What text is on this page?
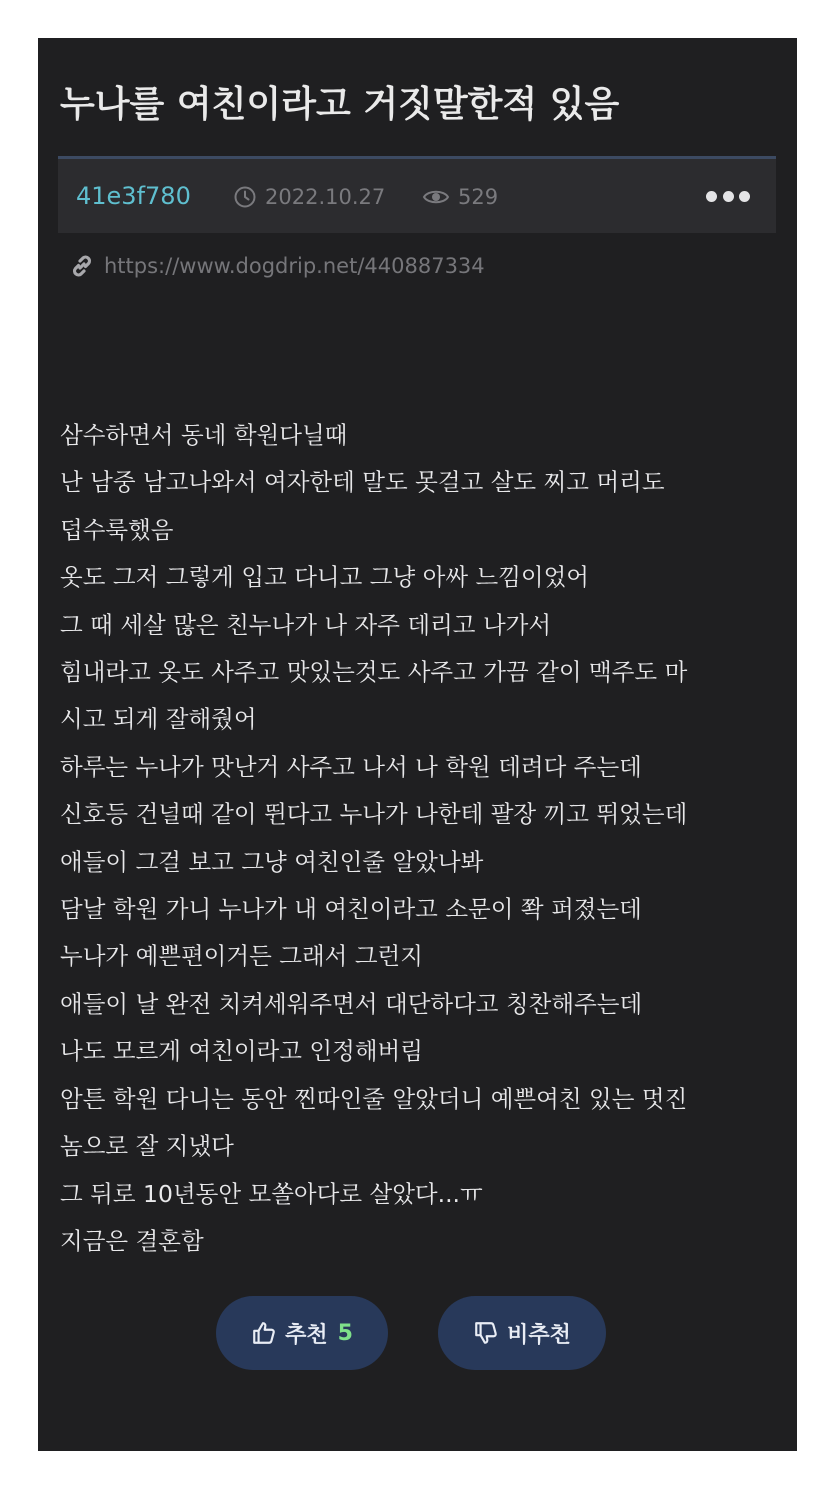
누나를 여친이라고 거짓말한적 있음
41e3f780	2022.10.27	529
https://www.dogdrip.net/440887334

삼수하면서 동네 학원다닐때

난 남중 남고나와서 여자한테 말도 못걸고 살도 찌고 머리도

덥수룩했음

옷도 그저 그렇게 입고 다니고 그냥 아싸 느낌이었어

그 때 세살 많은 친누나가 나 자주 데리고 나가서

힘내라고 옷도 사주고 맛있는것도 사주고 가끔 같이 맥주도 마

시고 되게 잘해줬어

하루는 누나가 맛난거 사주고 나서 나 학원 데려다 주는데

신호등 건널때 같이 뛴다고 누나가 나한테 팔장 끼고 뛰었는데

애들이 그걸 보고 그냥 여친인줄 알았나봐

담날 학원 가니 누나가 내 여친이라고 소문이 쫙 퍼졌는데

누나가 예쁜편이거든 그래서 그런지

애들이 날 완전 치켜세워주면서 대단하다고 칭찬해주는데

나도 모르게 여친이라고 인정해버림

암튼 학원 다니는 동안 찐따인줄 알았더니 예쁜여친 있는 멋진

놈으로 잘 지냈다

그 뒤로 10년동안 모쏠아다로 살았다...ㅠ

지금은 결혼함

추천 5	비추천
